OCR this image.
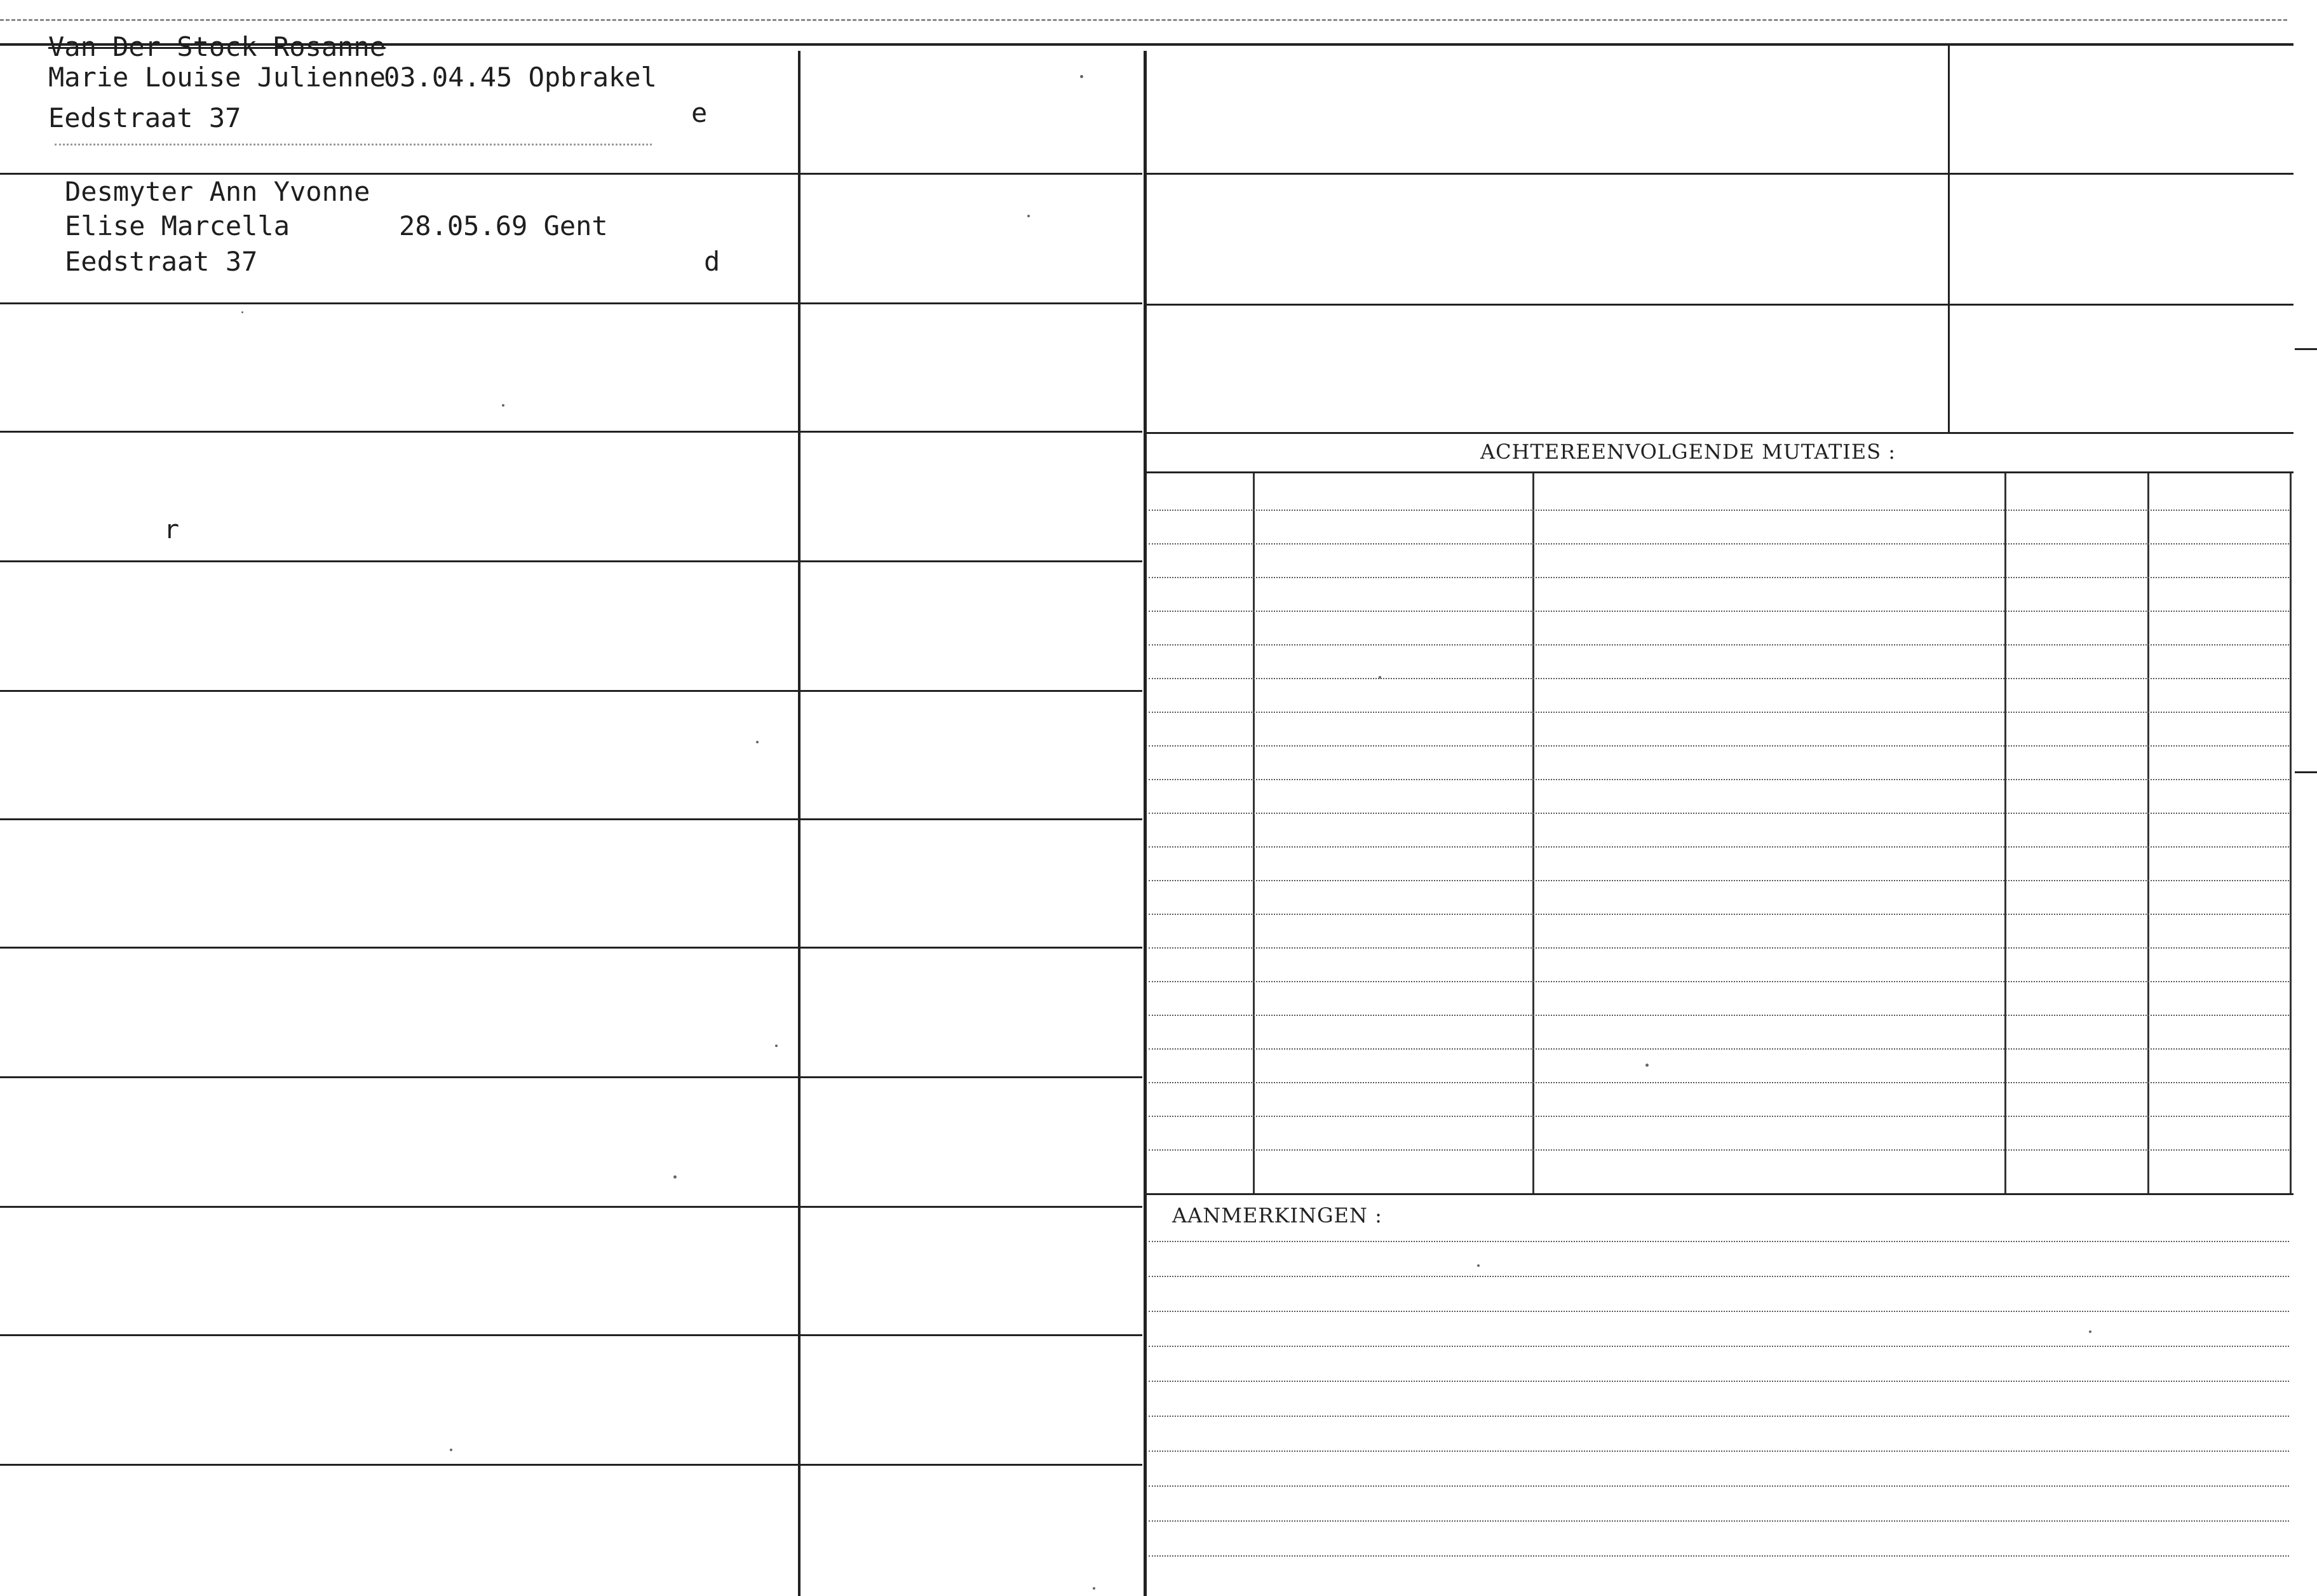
ACHTEREENVOLGENDE MUTATIES :
AANMERKINGEN :
Van Der Stock Rosanne
Marie Louise Julienne
03.04.45 Opbrakel
Eedstraat 37	e
Desmyter Ann Yvonne
Elise Marcella	28.05.69 Gent
Eedstraat 37	d
r
